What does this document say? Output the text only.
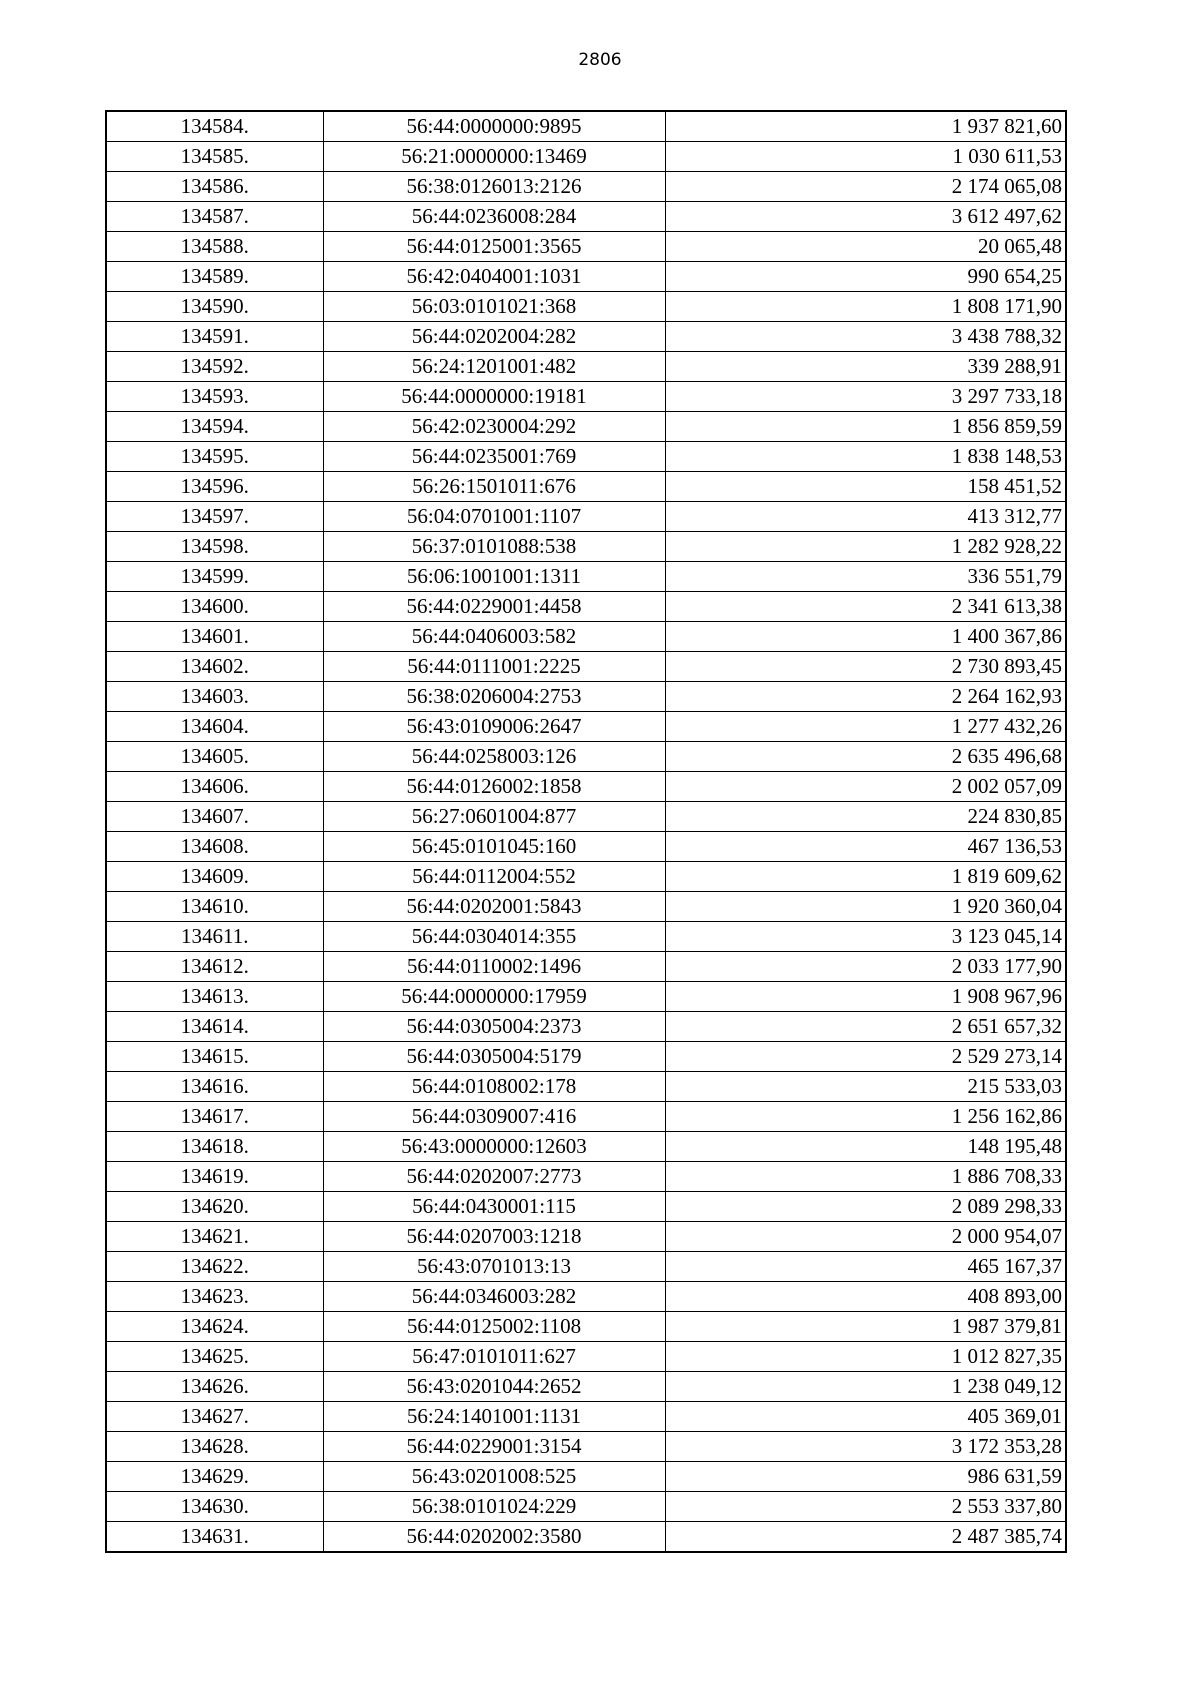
2806
134584.	56:44:0000000:9895	1 937 821,60
134585.	56:21:0000000:13469	1 030 611,53
134586.	56:38:0126013:2126	2 174 065,08
134587.	56:44:0236008:284	3 612 497,62
134588.	56:44:0125001:3565	20 065,48
134589.	56:42:0404001:1031	990 654,25
134590.	56:03:0101021:368	1 808 171,90
134591.	56:44:0202004:282	3 438 788,32
134592.	56:24:1201001:482	339 288,91
134593.	56:44:0000000:19181	3 297 733,18
134594.	56:42:0230004:292	1 856 859,59
134595.	56:44:0235001:769	1 838 148,53
134596.	56:26:1501011:676	158 451,52
134597.	56:04:0701001:1107	413 312,77
134598.	56:37:0101088:538	1 282 928,22
134599.	56:06:1001001:1311	336 551,79
134600.	56:44:0229001:4458	2 341 613,38
134601.	56:44:0406003:582	1 400 367,86
134602.	56:44:0111001:2225	2 730 893,45
134603.	56:38:0206004:2753	2 264 162,93
134604.	56:43:0109006:2647	1 277 432,26
134605.	56:44:0258003:126	2 635 496,68
134606.	56:44:0126002:1858	2 002 057,09
134607.	56:27:0601004:877	224 830,85
134608.	56:45:0101045:160	467 136,53
134609.	56:44:0112004:552	1 819 609,62
134610.	56:44:0202001:5843	1 920 360,04
134611.	56:44:0304014:355	3 123 045,14
134612.	56:44:0110002:1496	2 033 177,90
134613.	56:44:0000000:17959	1 908 967,96
134614.	56:44:0305004:2373	2 651 657,32
134615.	56:44:0305004:5179	2 529 273,14
134616.	56:44:0108002:178	215 533,03
134617.	56:44:0309007:416	1 256 162,86
134618.	56:43:0000000:12603	148 195,48
134619.	56:44:0202007:2773	1 886 708,33
134620.	56:44:0430001:115	2 089 298,33
134621.	56:44:0207003:1218	2 000 954,07
134622.	56:43:0701013:13	465 167,37
134623.	56:44:0346003:282	408 893,00
134624.	56:44:0125002:1108	1 987 379,81
134625.	56:47:0101011:627	1 012 827,35
134626.	56:43:0201044:2652	1 238 049,12
134627.	56:24:1401001:1131	405 369,01
134628.	56:44:0229001:3154	3 172 353,28
134629.	56:43:0201008:525	986 631,59
134630.	56:38:0101024:229	2 553 337,80
134631.	56:44:0202002:3580	2 487 385,74
